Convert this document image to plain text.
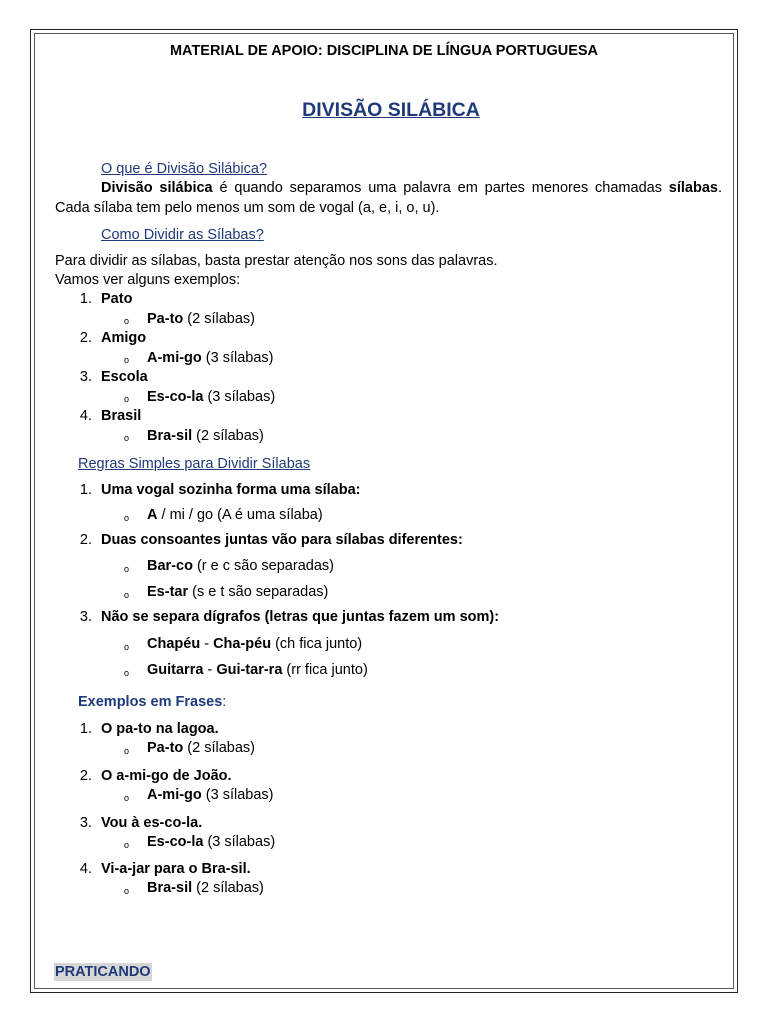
MATERIAL DE APOIO: DISCIPLINA DE LÍNGUA PORTUGUESA
DIVISÃO SILÁBICA
O que é Divisão Silábica?
Divisão silábica é quando separamos uma palavra em partes menores chamadas sílabas. Cada sílaba tem pelo menos um som de vogal (a, e, i, o, u).
Como Dividir as Sílabas?
Para dividir as sílabas, basta prestar atenção nos sons das palavras.
Vamos ver alguns exemplos:
1. Pato
o Pa-to (2 sílabas)
2. Amigo
o A-mi-go (3 sílabas)
3. Escola
o Es-co-la (3 sílabas)
4. Brasil
o Bra-sil (2 sílabas)
Regras Simples para Dividir Sílabas
1. Uma vogal sozinha forma uma sílaba:
o A / mi / go (A é uma sílaba)
2. Duas consoantes juntas vão para sílabas diferentes:
o Bar-co (r e c são separadas)
o Es-tar (s e t são separadas)
3. Não se separa dígrafos (letras que juntas fazem um som):
o Chapéu - Cha-péu (ch fica junto)
o Guitarra - Gui-tar-ra (rr fica junto)
Exemplos em Frases:
1. O pa-to na lagoa.
o Pa-to (2 sílabas)
2. O a-mi-go de João.
o A-mi-go (3 sílabas)
3. Vou à es-co-la.
o Es-co-la (3 sílabas)
4. Vi-a-jar para o Bra-sil.
o Bra-sil (2 sílabas)
PRATICANDO
